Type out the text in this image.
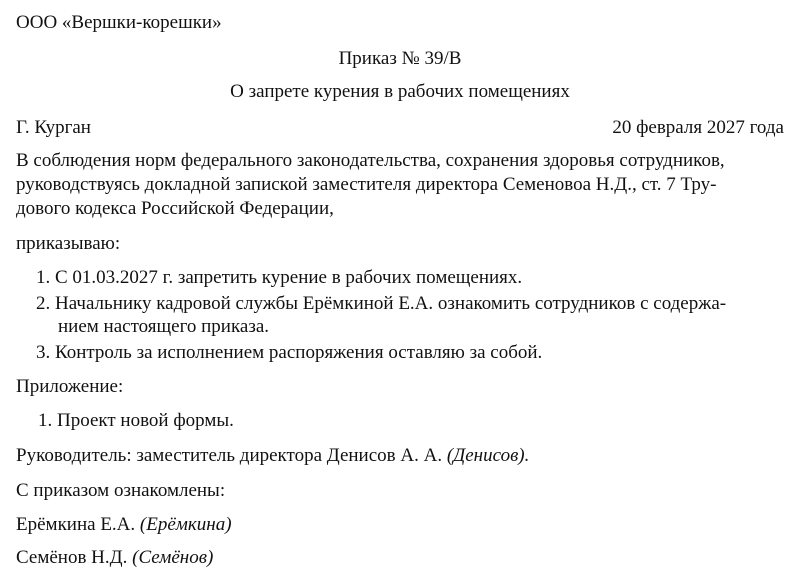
ООО «Вершки-корешки»
Приказ № 39/В
О запрете курения в рабочих помещениях
Г. Курган	20 февраля 2027 года
В соблюдения норм федерального законодательства, сохранения здоровья сотрудников,
руководствуясь докладной запиской заместителя директора Семеновоа Н.Д., ст. 7 Тру-
дового кодекса Российской Федерации,
приказываю:
1. С 01.03.2027 г. запретить курение в рабочих помещениях.
2. Начальнику кадровой службы Ерёмкиной Е.А. ознакомить сотрудников с содержа-
нием настоящего приказа.
3. Контроль за исполнением распоряжения оставляю за собой.
Приложение:
1. Проект новой формы.
Руководитель: заместитель директора Денисов А. А. (Денисов).
С приказом ознакомлены:
Ерёмкина Е.А. (Ерёмкина)
Семёнов Н.Д. (Семёнов)
